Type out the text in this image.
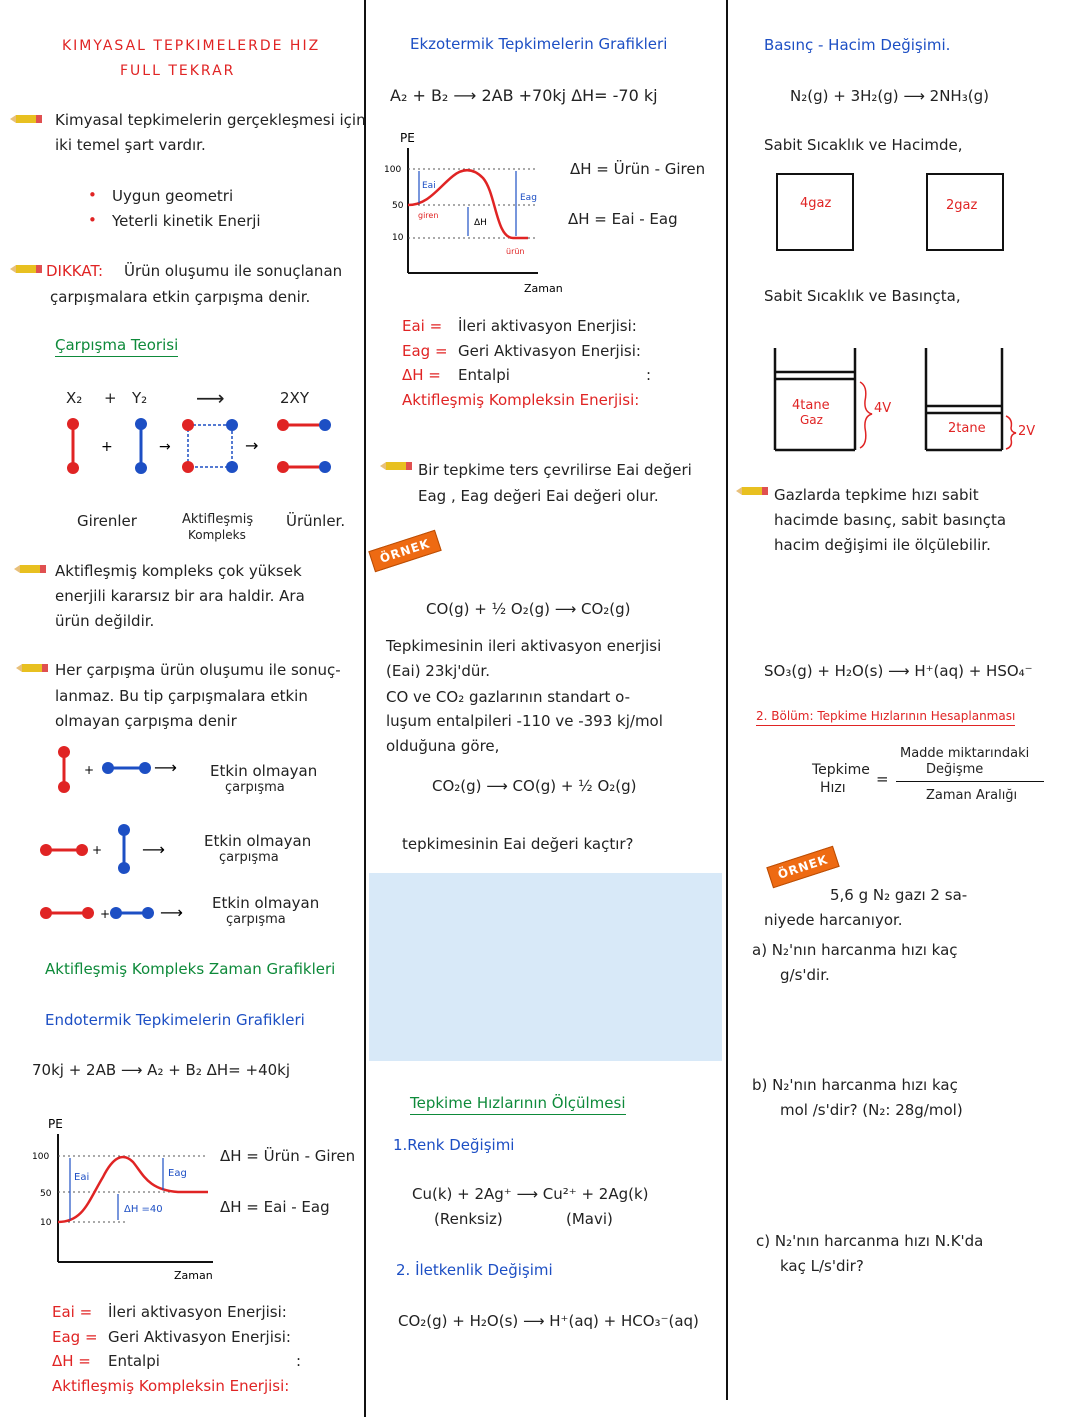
KIMYASAL TEPKIMELERDE HIZ
FULL TEKRAR
Kimyasal tepkimelerin gerçekleşmesi için
iki temel şart vardır.
• Uygun geometri
• Yeterli kinetik Enerji
DIKKAT: Ürün oluşumu ile sonuçlanan
çarpışmalara etkin çarpışma denir.
Çarpışma Teorisi
X₂ + Y₂ ⟶	2XY
+	→	→
Girenler	Aktifleşmiş
Kompleks
Ürünler.
Aktifleşmiş kompleks çok yüksek
enerjili kararsız bir ara haldir. Ara
ürün değildir.
Her çarpışma ürün oluşumu ile sonuç-
lanmaz. Bu tip çarpışmalara etkin
olmayan çarpışma denir
+	⟶ Etkin olmayan
çarpışma
+ ⟶	Etkin olmayan
çarpışma
+	⟶ Etkin olmayan
çarpışma
Aktifleşmiş Kompleks Zaman Grafikleri
Endotermik Tepkimelerin Grafikleri
70kj + 2AB ⟶ A₂ + B₂ ΔH= +40kj
PE
100
50
10
Eai	Eag
ΔH =40
Zaman
ΔH = Ürün - Giren
ΔH = Eai - Eag
Eai = İleri aktivasyon Enerjisi:
Eag = Geri Aktivasyon Enerjisi:
ΔH = Entalpi	:
Aktifleşmiş Kompleksin Enerjisi:
Ekzotermik Tepkimelerin Grafikleri
A₂ + B₂ ⟶ 2AB +70kj ΔH= -70 kj
PE
100
50
10
Eai
giren
ΔH
Eag
ürün
Zaman
ΔH = Ürün - Giren
ΔH = Eai - Eag
Eai = İleri aktivasyon Enerjisi:
Eag = Geri Aktivasyon Enerjisi:
ΔH = Entalpi	:
Aktifleşmiş Kompleksin Enerjisi:
Bir tepkime ters çevrilirse Eai değeri
Eag , Eag değeri Eai değeri olur.
ÖRNEK
CO(g) + ½ O₂(g) ⟶ CO₂(g)
Tepkimesinin ileri aktivasyon enerjisi
(Eai) 23kj'dür.
CO ve CO₂ gazlarının standart o-
luşum entalpileri -110 ve -393 kj/mol
olduğuna göre,
CO₂(g) ⟶ CO(g) + ½ O₂(g)
tepkimesinin Eai değeri kaçtır?
Tepkime Hızlarının Ölçülmesi
1.Renk Değişimi
Cu(k) + 2Ag⁺ ⟶ Cu²⁺ + 2Ag(k)
(Renksiz)	(Mavi)
2. İletkenlik Değişimi
CO₂(g) + H₂O(s) ⟶ H⁺(aq) + HCO₃⁻(aq)
Basınç - Hacim Değişimi.
N₂(g) + 3H₂(g) ⟶ 2NH₃(g)
Sabit Sıcaklık ve Hacimde,
4gaz	2gaz
Sabit Sıcaklık ve Basınçta,
4tane
Gaz
4V
2tane 2V
Gazlarda tepkime hızı sabit
hacimde basınç, sabit basınçta
hacim değişimi ile ölçülebilir.
SO₃(g) + H₂O(s) ⟶ H⁺(aq) + HSO₄⁻
2. Bölüm: Tepkime Hızlarının Hesaplanması
Tepkime
Hızı =
Madde miktarındaki
Değişme
Zaman Aralığı
ÖRNEK
5,6 g N₂ gazı 2 sa-
niyede harcanıyor.
a) N₂'nın harcanma hızı kaç
g/s'dir.
b) N₂'nın harcanma hızı kaç
mol /s'dir? (N₂: 28g/mol)
c) N₂'nın harcanma hızı N.K'da
kaç L/s'dir?
